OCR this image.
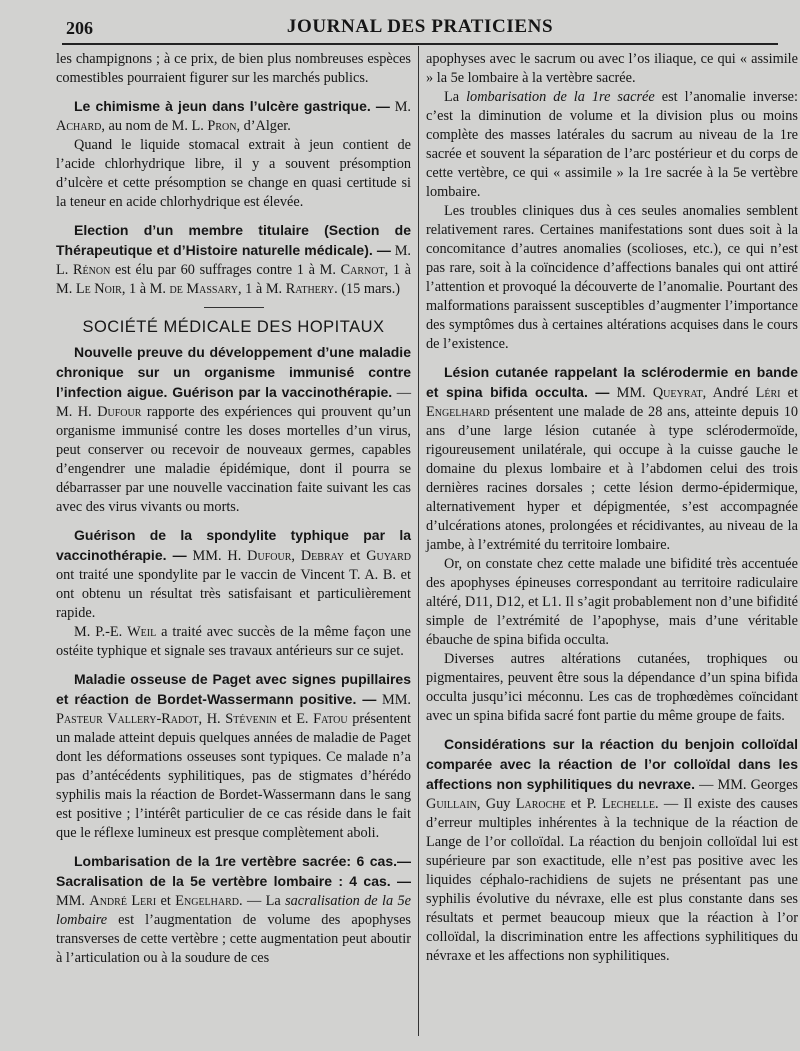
206	JOURNAL DES PRATICIENS

les champignons ; à ce prix, de bien plus nombreuses espèces comestibles pourraient figurer sur les marchés publics.

Le chimisme à jeun dans l’ulcère gastrique. — M. Achard, au nom de M. L. Pron, d’Alger.

Quand le liquide stomacal extrait à jeun contient de l’acide chlorhydrique libre, il y a souvent présomption d’ulcère et cette présomption se change en quasi certitude si la teneur en acide chlorhydrique est élevée.

Election d’un membre titulaire (Section de Thérapeutique et d’Histoire naturelle médicale). — M. L. Rénon est élu par 60 suffrages contre 1 à M. Carnot, 1 à M. Le Noir, 1 à M. de Massary, 1 à M. Rathery. (15 mars.)

SOCIÉTÉ MÉDICALE DES HOPITAUX

Nouvelle preuve du développement d’une maladie chronique sur un organisme immunisé contre l’infection aigue. Guérison par la vaccinothérapie. — M. H. Dufour rapporte des expériences qui prouvent qu’un organisme immunisé contre les doses mortelles d’un virus, peut conserver ou recevoir de nouveaux germes, capables d’engendrer une maladie épidémique, dont il pourra se débarrasser par une nouvelle vaccination faite suivant les cas avec des virus vivants ou morts.

Guérison de la spondylite typhique par la vaccinothérapie. — MM. H. Dufour, Debray et Guyard ont traité une spondylite par le vaccin de Vincent T. A. B. et ont obtenu un résultat très satisfaisant et particulièrement rapide.

M. P.-E. Weil a traité avec succès de la même façon une ostéite typhique et signale ses travaux antérieurs sur ce sujet.

Maladie osseuse de Paget avec signes pupillaires et réaction de Bordet-Wassermann positive. — MM. Pasteur Vallery-Radot, H. Stévenin et E. Fatou présentent un malade atteint depuis quelques années de maladie de Paget dont les déformations osseuses sont typiques. Ce malade n’a pas d’antécédents syphilitiques, pas de stigmates d’hérédo syphilis mais la réaction de Bordet-Wassermann dans le sang est positive ; l’intérêt particulier de ce cas réside dans le fait que le réflexe lumineux est presque complètement aboli.

Lombarisation de la 1re vertèbre sacrée: 6 cas.— Sacralisation de la 5e vertèbre lombaire : 4 cas. — MM. André Leri et Engelhard. — La sacralisation de la 5e lombaire est l’augmentation de volume des apophyses transverses de cette vertèbre ; cette augmentation peut aboutir à l’articulation ou à la soudure de ces

apophyses avec le sacrum ou avec l’os iliaque, ce qui « assimile » la 5e lombaire à la vertèbre sacrée.

La lombarisation de la 1re sacrée est l’anomalie inverse: c’est la diminution de volume et la division plus ou moins complète des masses latérales du sacrum au niveau de la 1re sacrée et souvent la séparation de l’arc postérieur et du corps de cette vertèbre, ce qui « assimile » la 1re sacrée à la 5e vertèbre lombaire.

Les troubles cliniques dus à ces seules anomalies semblent relativement rares. Certaines manifestations sont dues soit à la concomitance d’autres anomalies (scolioses, etc.), ce qui n’est pas rare, soit à la coïncidence d’affections banales qui ont attiré l’attention et provoqué la découverte de l’anomalie. Pourtant des malformations paraissent susceptibles d’augmenter l’importance des symptômes dus à certaines altérations acquises dans le cours de l’existence.

Lésion cutanée rappelant la sclérodermie en bande et spina bifida occulta. — MM. Queyrat, André Léri et Engelhard présentent une malade de 28 ans, atteinte depuis 10 ans d’une large lésion cutanée à type sclérodermoïde, rigoureusement unilatérale, qui occupe à la cuisse gauche le domaine du plexus lombaire et à l’abdomen celui des trois dernières racines dorsales ; cette lésion dermo-épidermique, alternativement hyper et dépigmentée, s’est accompagnée d’ulcérations atones, prolongées et récidivantes, au niveau de la jambe, à l’extrémité du territoire lombaire.

Or, on constate chez cette malade une bifidité très accentuée des apophyses épineuses correspondant au territoire radiculaire altéré, D11, D12, et L1. Il s’agit probablement non d’une bifidité simple de l’extrémité de l’apophyse, mais d’une véritable ébauche de spina bifida occulta.

Diverses autres altérations cutanées, trophiques ou pigmentaires, peuvent être sous la dépendance d’un spina bifida occulta jusqu’ici méconnu. Les cas de trophœdèmes coïncidant avec un spina bifida sacré font partie du même groupe de faits.

Considérations sur la réaction du benjoin colloïdal comparée avec la réaction de l’or colloïdal dans les affections non syphilitiques du nevraxe. — MM. Georges Guillain, Guy Laroche et P. Lechelle. — Il existe des causes d’erreur multiples inhérentes à la technique de la réaction de Lange de l’or colloïdal. La réaction du benjoin colloïdal lui est supérieure par son exactitude, elle n’est pas positive avec les liquides céphalo-rachidiens de sujets ne présentant pas une syphilis évolutive du névraxe, elle est plus constante dans ses résultats et permet beaucoup mieux que la réaction à l’or colloïdal, la discrimination entre les affections syphilitiques du névraxe et les affections non syphilitiques.
